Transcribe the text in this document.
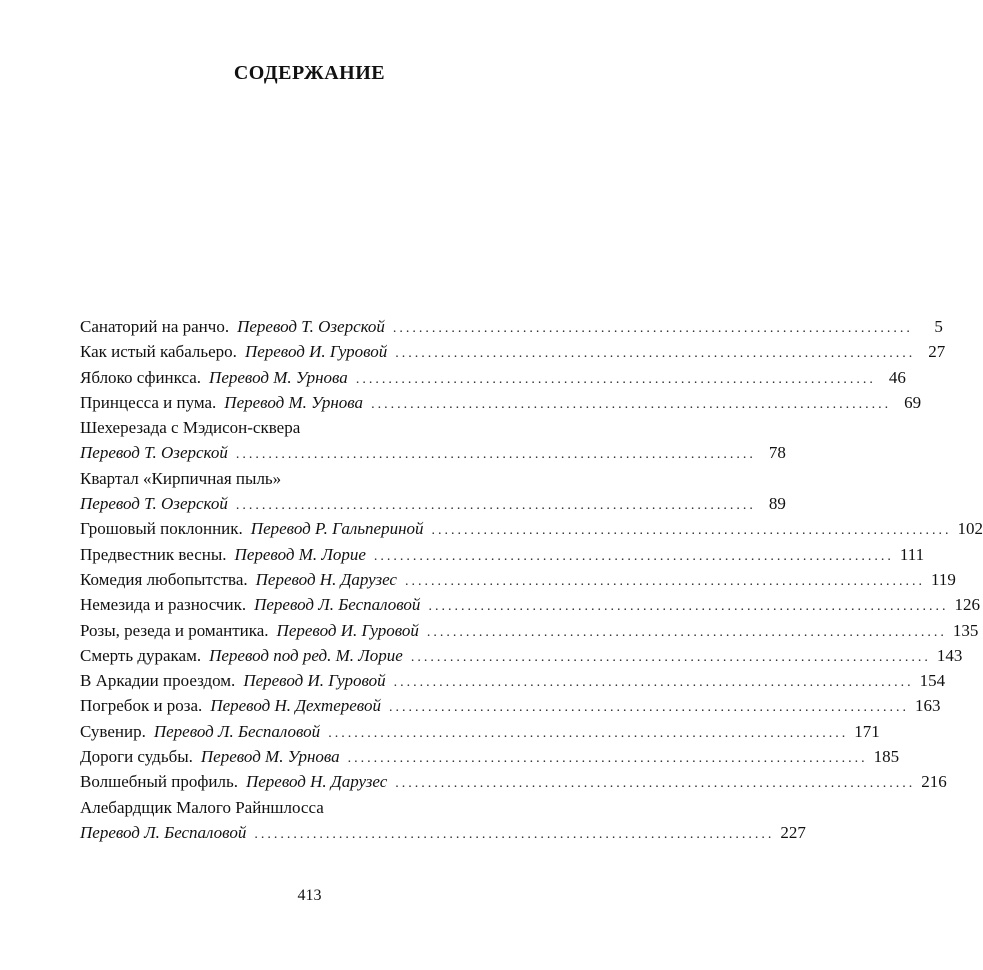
СОДЕРЖАНИЕ
Санаторий на ранчо. Перевод Т. Озерской ................................................................................	5
Как истый кабальеро. Перевод И. Гуровой ................................................................................ 27
Яблоко сфинкса. Перевод М. Урнова ................................................................................ 46
Принцесса и пума. Перевод М. Урнова ................................................................................ 69
Шехерезада с Мэдисон-сквера
Перевод Т. Озерской ................................................................................ 78
Квартал «Кирпичная пыль»
Перевод Т. Озерской ................................................................................ 89
Грошовый поклонник. Перевод Р. Гальпериной ................................................................................ 102
Предвестник весны. Перевод М. Лорие ................................................................................ 111
Комедия любопытства. Перевод Н. Дарузес ................................................................................ 119
Немезида и разносчик. Перевод Л. Беспаловой ................................................................................ 126
Розы, резеда и романтика. Перевод И. Гуровой ................................................................................ 135
Смерть дуракам. Перевод под ред. М. Лорие ................................................................................ 143
В Аркадии проездом. Перевод И. Гуровой ................................................................................ 154
Погребок и роза. Перевод Н. Дехтеревой ................................................................................ 163
Сувенир. Перевод Л. Беспаловой ................................................................................ 171
Дороги судьбы. Перевод М. Урнова ................................................................................ 185
Волшебный профиль. Перевод Н. Дарузес ................................................................................ 216
Алебардщик Малого Райншлосса
Перевод Л. Беспаловой ................................................................................ 227
413
